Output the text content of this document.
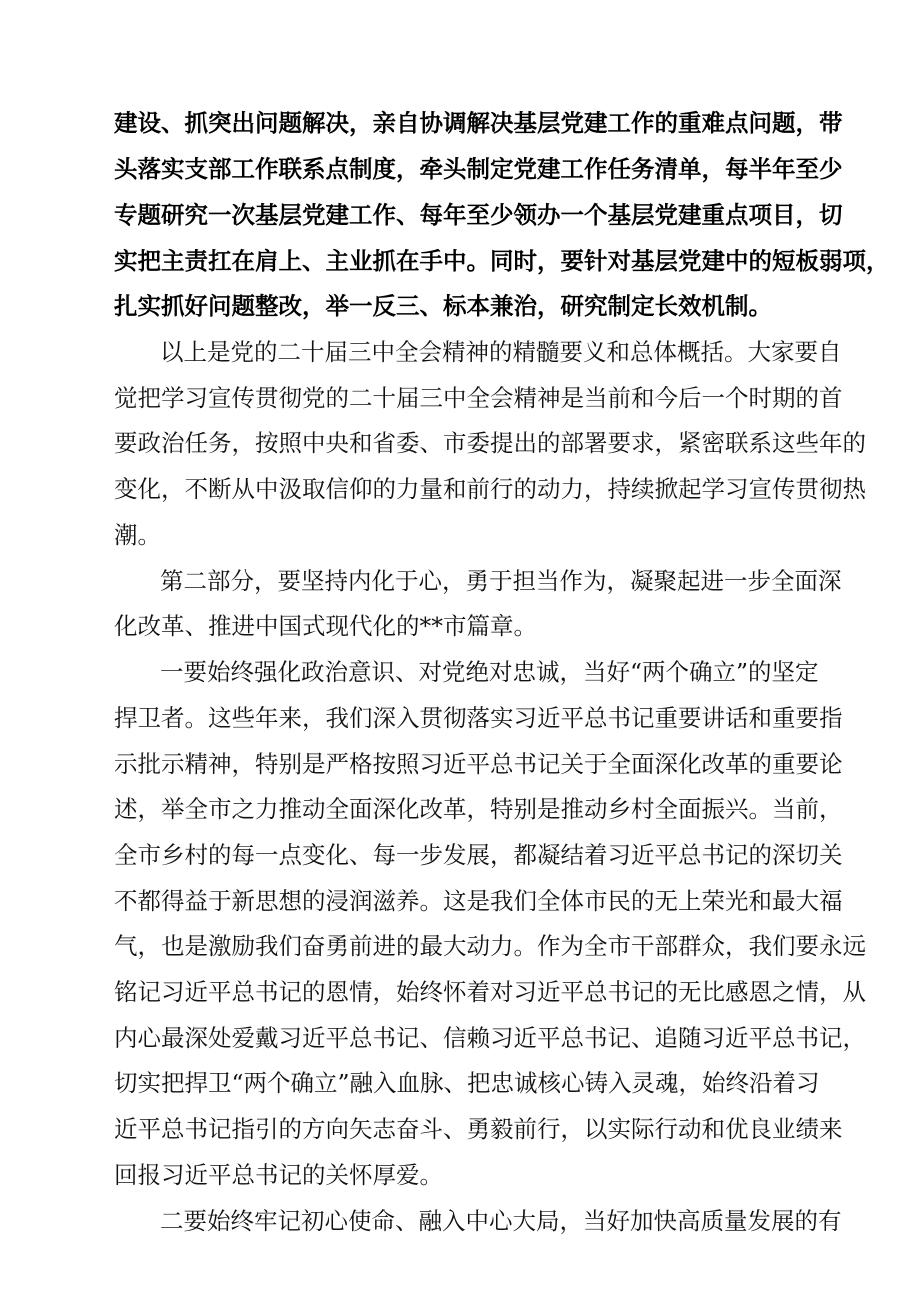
建设、抓突出问题解决，亲自协调解决基层党建工作的重难点问题，带
头落实支部工作联系点制度，牵头制定党建工作任务清单，每半年至少
专题研究一次基层党建工作、每年至少领办一个基层党建重点项目，切
实把主责扛在肩上、主业抓在手中。同时，要针对基层党建中的短板弱项，
扎实抓好问题整改，举一反三、标本兼治，研究制定长效机制。
以上是党的二十届三中全会精神的精髓要义和总体概括。大家要自
觉把学习宣传贯彻党的二十届三中全会精神是当前和今后一个时期的首
要政治任务，按照中央和省委、市委提出的部署要求，紧密联系这些年的
变化，不断从中汲取信仰的力量和前行的动力，持续掀起学习宣传贯彻热
潮。
第二部分，要坚持内化于心，勇于担当作为，凝聚起进一步全面深
化改革、推进中国式现代化的**市篇章。
一要始终强化政治意识、对党绝对忠诚，当好“两个确立”的坚定
捍卫者。这些年来，我们深入贯彻落实习近平总书记重要讲话和重要指
示批示精神，特别是严格按照习近平总书记关于全面深化改革的重要论
述，举全市之力推动全面深化改革，特别是推动乡村全面振兴。当前，
全市乡村的每一点变化、每一步发展，都凝结着习近平总书记的深切关
不都得益于新思想的浸润滋养。这是我们全体市民的无上荣光和最大福
气，也是激励我们奋勇前进的最大动力。作为全市干部群众，我们要永远
铭记习近平总书记的恩情，始终怀着对习近平总书记的无比感恩之情，从
内心最深处爱戴习近平总书记、信赖习近平总书记、追随习近平总书记，
切实把捍卫“两个确立”融入血脉、把忠诚核心铸入灵魂，始终沿着习
近平总书记指引的方向矢志奋斗、勇毅前行，以实际行动和优良业绩来
回报习近平总书记的关怀厚爱。
二要始终牢记初心使命、融入中心大局，当好加快高质量发展的有
